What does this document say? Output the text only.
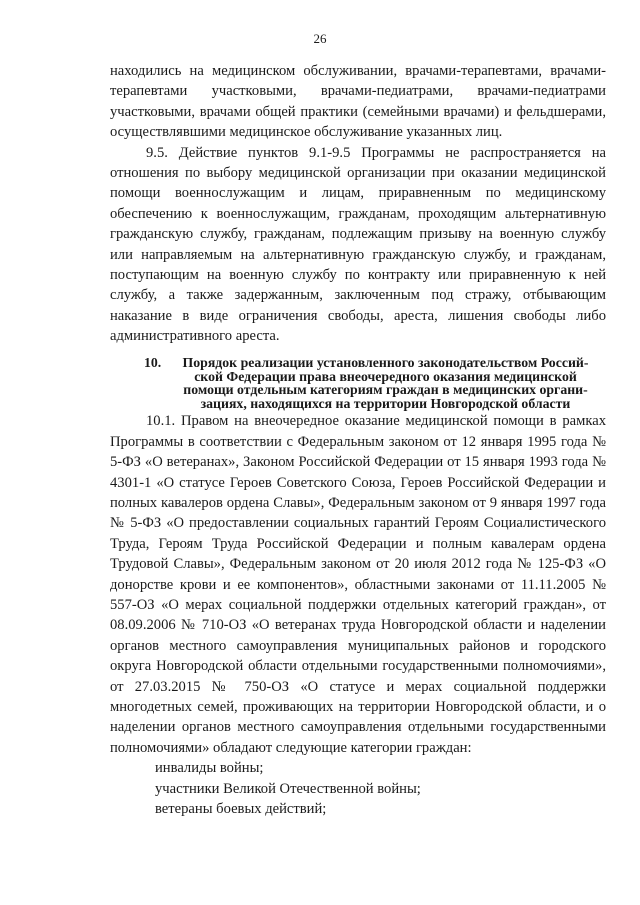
26

находились на медицинском обслуживании, врачами-терапевтами, врачами-терапевтами участковыми, врачами-педиатрами, врачами-педиатрами участковыми, врачами общей практики (семейными врачами) и фельдшерами, осуществлявшими медицинское обслуживание указанных лиц.

9.5. Действие пунктов 9.1-9.5 Программы не распространяется на отношения по выбору медицинской организации при оказании медицинской помощи военнослужащим и лицам, приравненным по медицинскому обеспечению к военнослужащим, гражданам, проходящим альтернативную гражданскую службу, гражданам, подлежащим призыву на военную службу или направляемым на альтернативную гражданскую службу, и гражданам, поступающим на военную службу по контракту или приравненную к ней службу, а также задержанным, заключенным под стражу, отбывающим наказание в виде ограничения свободы, ареста, лишения свободы либо административного ареста.

10.	Порядок реализации установленного законодательством Россий-
ской Федерации права внеочередного оказания медицинской
помощи отдельным категориям граждан в медицинских органи-
зациях, находящихся на территории Новгородской области

10.1. Правом на внеочередное оказание медицинской помощи в рамках Программы в соответствии с Федеральным законом от 12 января 1995 года № 5-ФЗ «О ветеранах», Законом Российской Федерации от 15 января 1993 года № 4301-1 «О статусе Героев Советского Союза, Героев Российской Федерации и полных кавалеров ордена Славы», Федеральным законом от 9 января 1997 года № 5-ФЗ «О предоставлении социальных гарантий Героям Социалистического Труда, Героям Труда Российской Федерации и полным кавалерам ордена Трудовой Славы», Федеральным законом от 20 июля 2012 года № 125-ФЗ «О донорстве крови и ее компонентов», областными законами от 11.11.2005 № 557-ОЗ «О мерах социальной поддержки отдельных категорий граждан», от 08.09.2006 № 710-ОЗ «О ветеранах труда Новгородской области и наделении органов местного самоуправления муниципальных районов и городского округа Новгородской области отдельными государственными полномочиями», от 27.03.2015 № 750-ОЗ «О статусе и мерах социальной поддержки многодетных семей, проживающих на территории Новгородской области, и о наделении органов местного самоуправления отдельными государственными полномочиями» обладают следующие категории граждан:

инвалиды войны;

участники Великой Отечественной войны;

ветераны боевых действий;
